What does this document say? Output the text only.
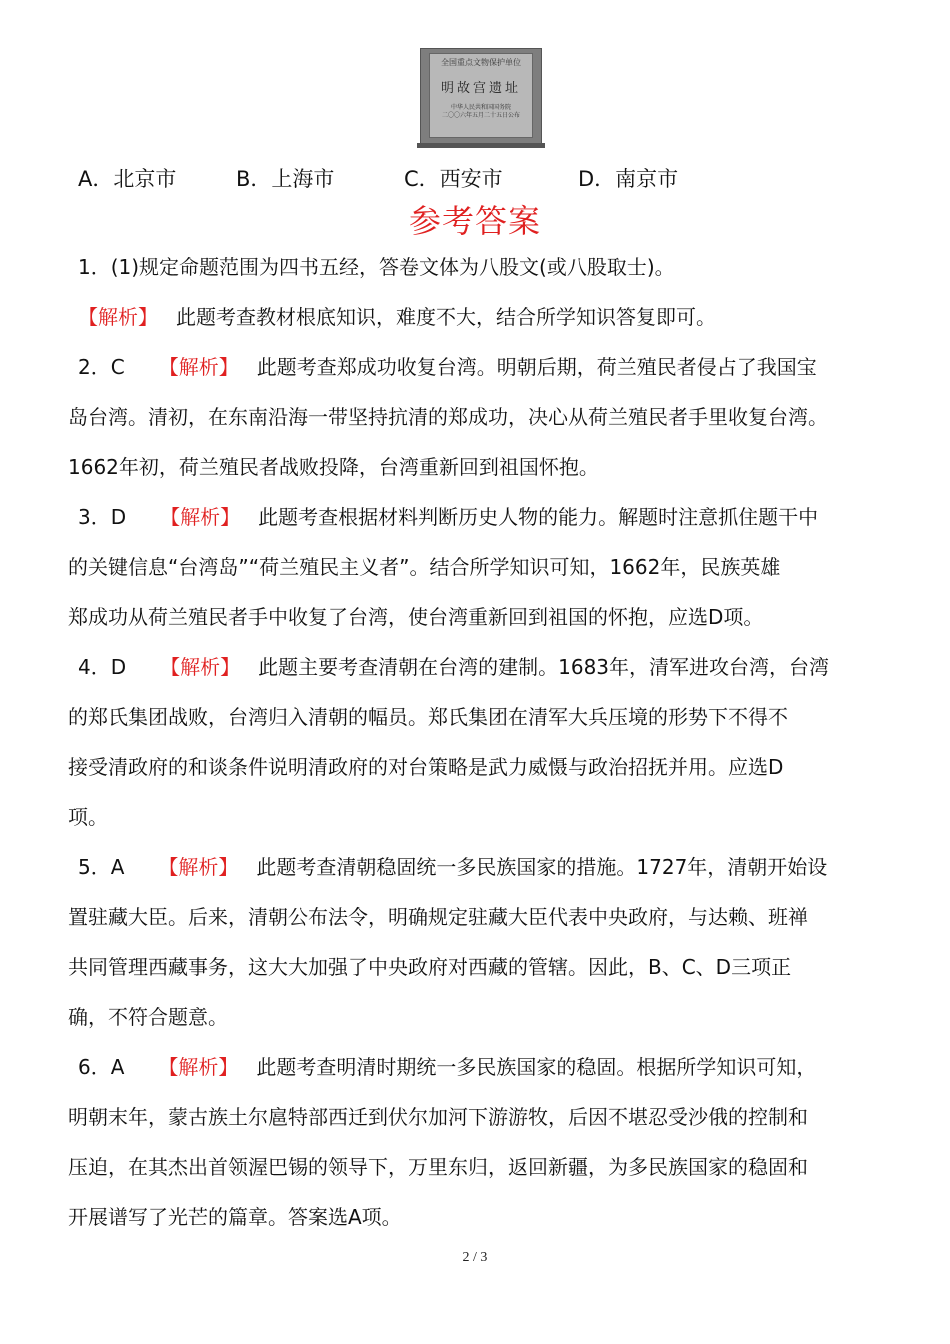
全国重点文物保护单位
明故宫遗址
中华人民共和国国务院
二〇〇六年五月二十五日公布
A．北京市	B．上海市	C．西安市	D．南京市
参考答案
1．(1)规定命题范围为四书五经，答卷文体为八股文(或八股取士)。
【解析】 此题考查教材根底知识，难度不大，结合所学知识答复即可。
2．C 【解析】 此题考查郑成功收复台湾。明朝后期，荷兰殖民者侵占了我国宝
岛台湾。清初，在东南沿海一带坚持抗清的郑成功，决心从荷兰殖民者手里收复台湾。
1662年初，荷兰殖民者战败投降，台湾重新回到祖国怀抱。
3．D 【解析】 此题考查根据材料判断历史人物的能力。解题时注意抓住题干中
的关键信息“台湾岛”“荷兰殖民主义者”。结合所学知识可知，1662年，民族英雄
郑成功从荷兰殖民者手中收复了台湾，使台湾重新回到祖国的怀抱，应选D项。
4．D 【解析】 此题主要考查清朝在台湾的建制。1683年，清军进攻台湾，台湾
的郑氏集团战败，台湾归入清朝的幅员。郑氏集团在清军大兵压境的形势下不得不
接受清政府的和谈条件说明清政府的对台策略是武力威慑与政治招抚并用。应选D
项。
5．A 【解析】 此题考查清朝稳固统一多民族国家的措施。1727年，清朝开始设
置驻藏大臣。后来，清朝公布法令，明确规定驻藏大臣代表中央政府，与达赖、班禅
共同管理西藏事务，这大大加强了中央政府对西藏的管辖。因此，B、C、D三项正
确，不符合题意。
6．A 【解析】 此题考查明清时期统一多民族国家的稳固。根据所学知识可知，
明朝末年，蒙古族土尔扈特部西迁到伏尔加河下游游牧，后因不堪忍受沙俄的控制和
压迫，在其杰出首领渥巴锡的领导下，万里东归，返回新疆，为多民族国家的稳固和
开展谱写了光芒的篇章。答案选A项。
2 / 3
